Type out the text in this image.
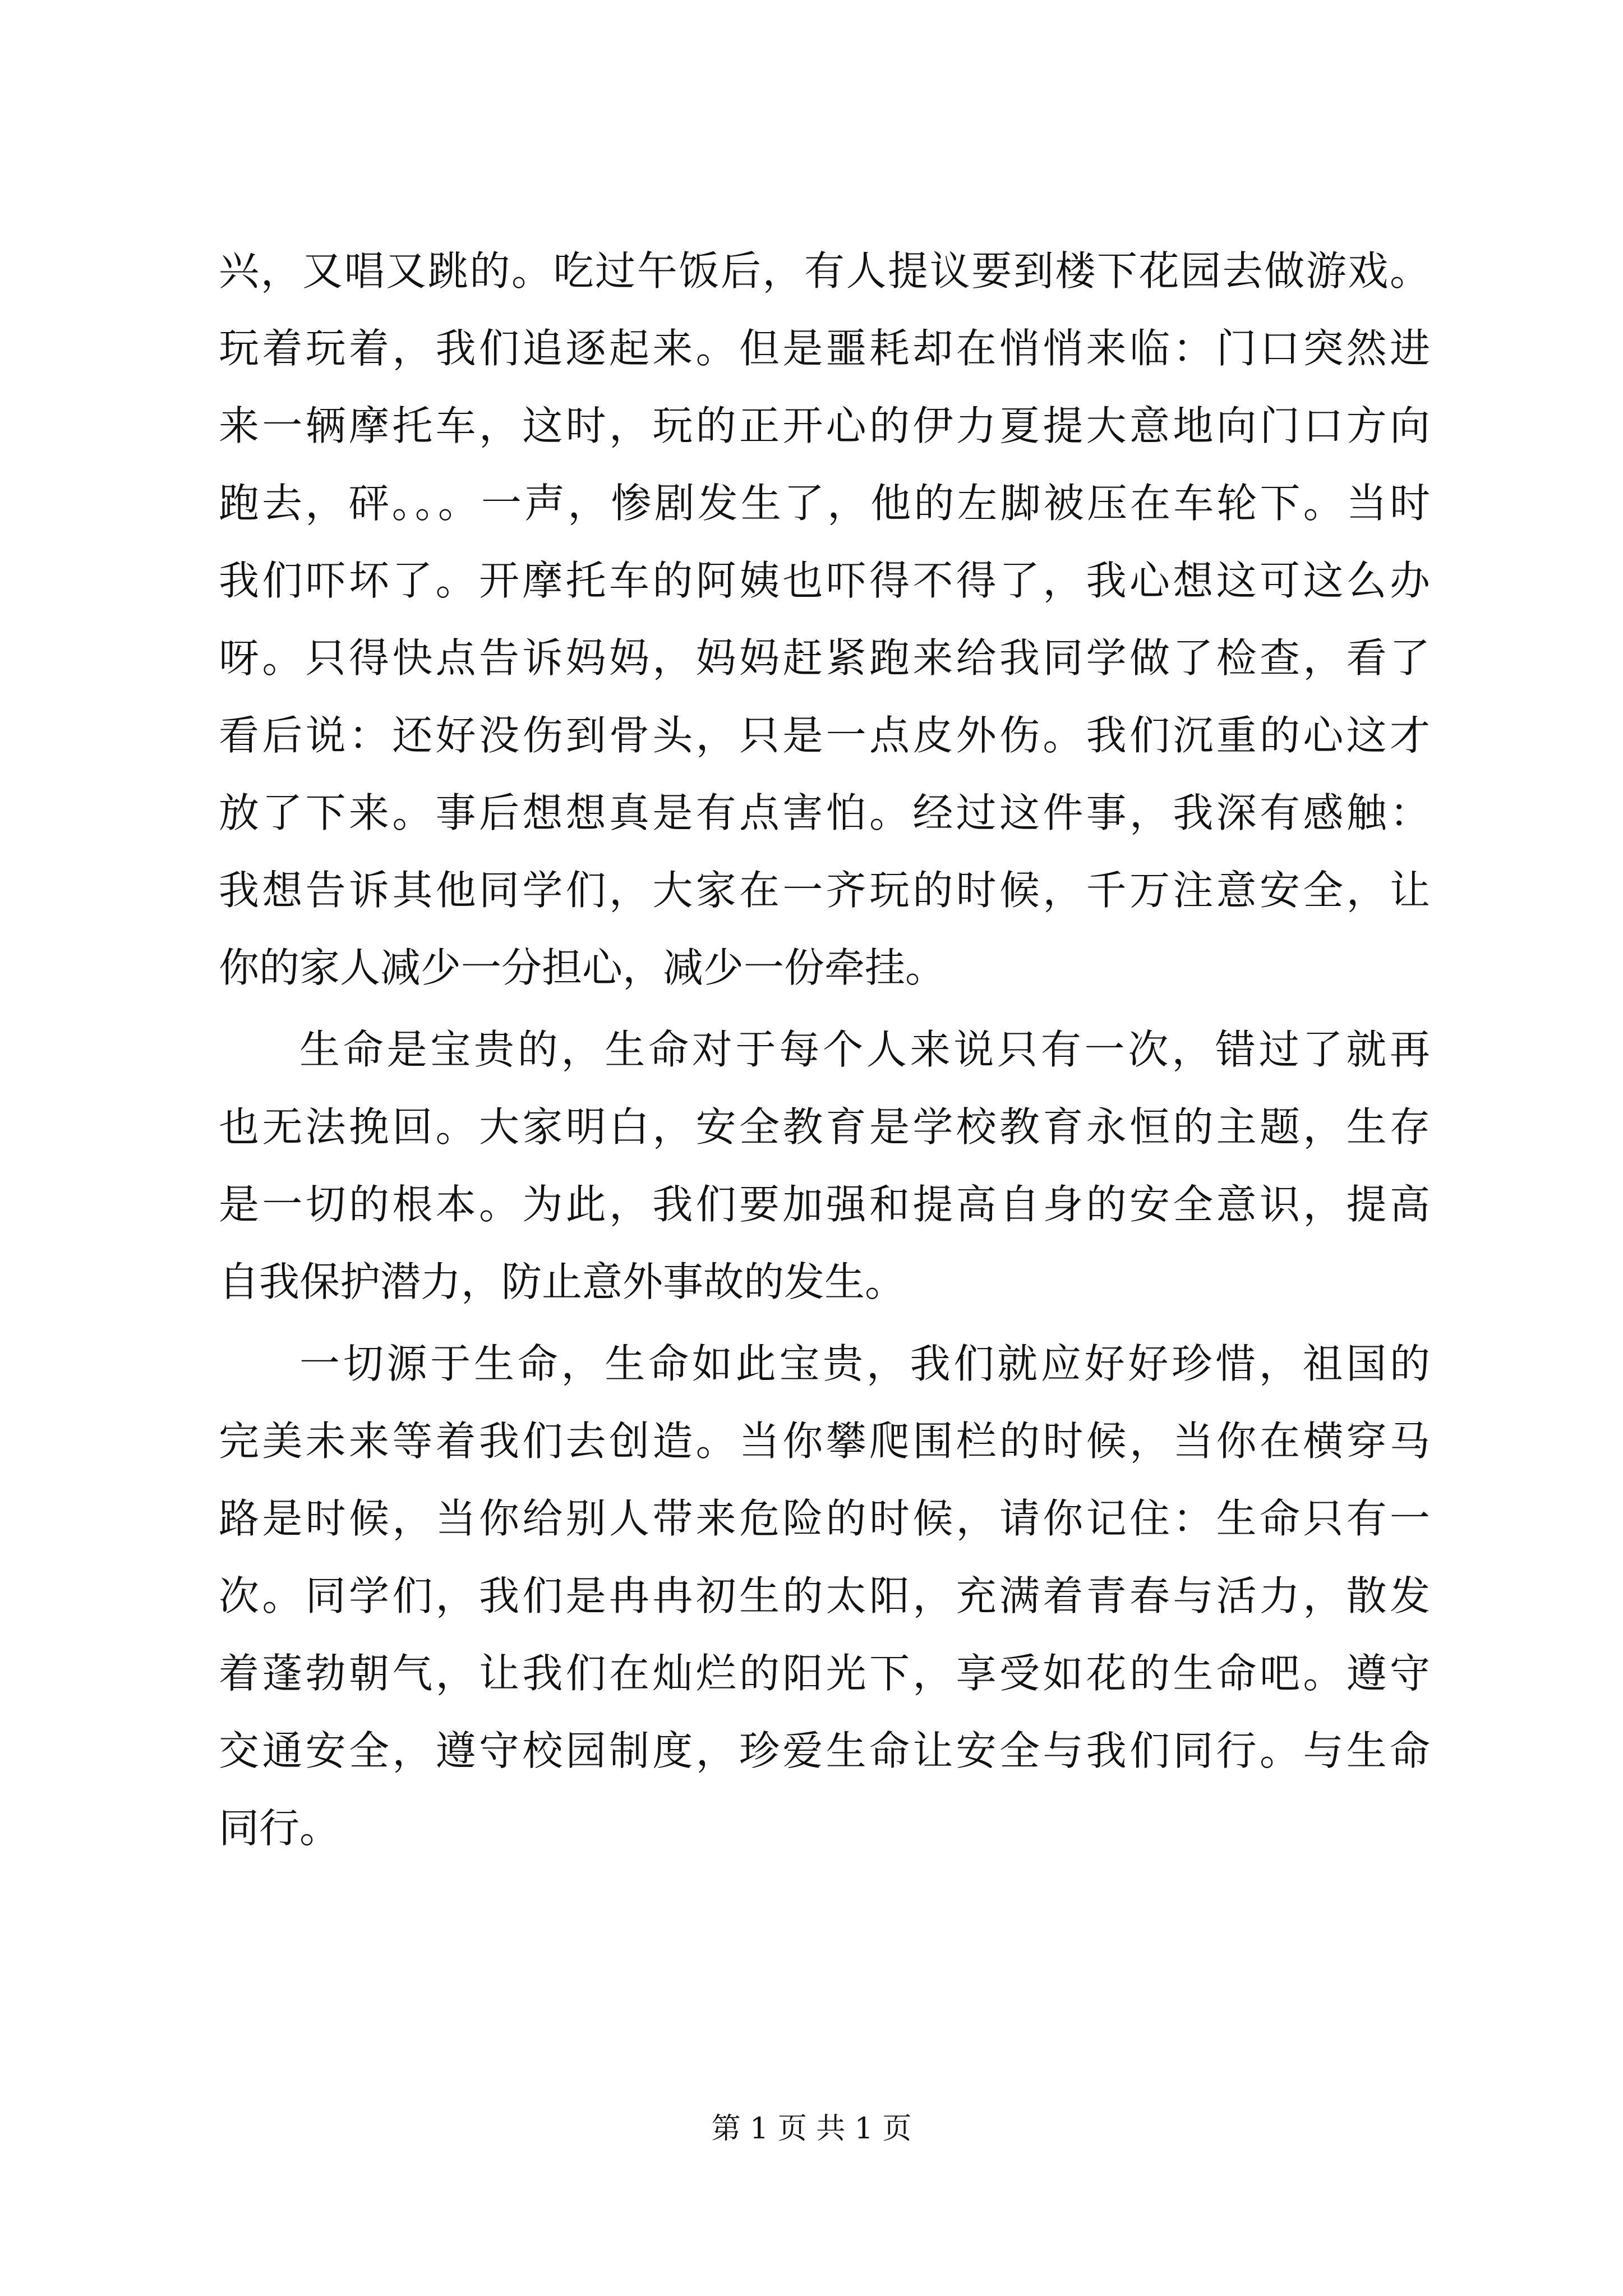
兴，又唱又跳的。吃过午饭后，有人提议要到楼下花园去做游戏。
玩着玩着，我们追逐起来。但是噩耗却在悄悄来临：门口突然进
来一辆摩托车，这时，玩的正开心的伊力夏提大意地向门口方向
跑去，砰。。。一声，惨剧发生了，他的左脚被压在车轮下。当时
我们吓坏了。开摩托车的阿姨也吓得不得了，我心想这可这么办
呀。只得快点告诉妈妈，妈妈赶紧跑来给我同学做了检查，看了
看后说：还好没伤到骨头，只是一点皮外伤。我们沉重的心这才
放了下来。事后想想真是有点害怕。经过这件事，我深有感触：
我想告诉其他同学们，大家在一齐玩的时候，千万注意安全，让
你的家人减少一分担心，减少一份牵挂。
生命是宝贵的，生命对于每个人来说只有一次，错过了就再
也无法挽回。大家明白，安全教育是学校教育永恒的主题，生存
是一切的根本。为此，我们要加强和提高自身的安全意识，提高
自我保护潜力，防止意外事故的发生。
一切源于生命，生命如此宝贵，我们就应好好珍惜，祖国的
完美未来等着我们去创造。当你攀爬围栏的时候，当你在横穿马
路是时候，当你给别人带来危险的时候，请你记住：生命只有一
次。同学们，我们是冉冉初生的太阳，充满着青春与活力，散发
着蓬勃朝气，让我们在灿烂的阳光下，享受如花的生命吧。遵守
交通安全，遵守校园制度，珍爱生命让安全与我们同行。与生命
同行。
第 1 页 共 1 页
